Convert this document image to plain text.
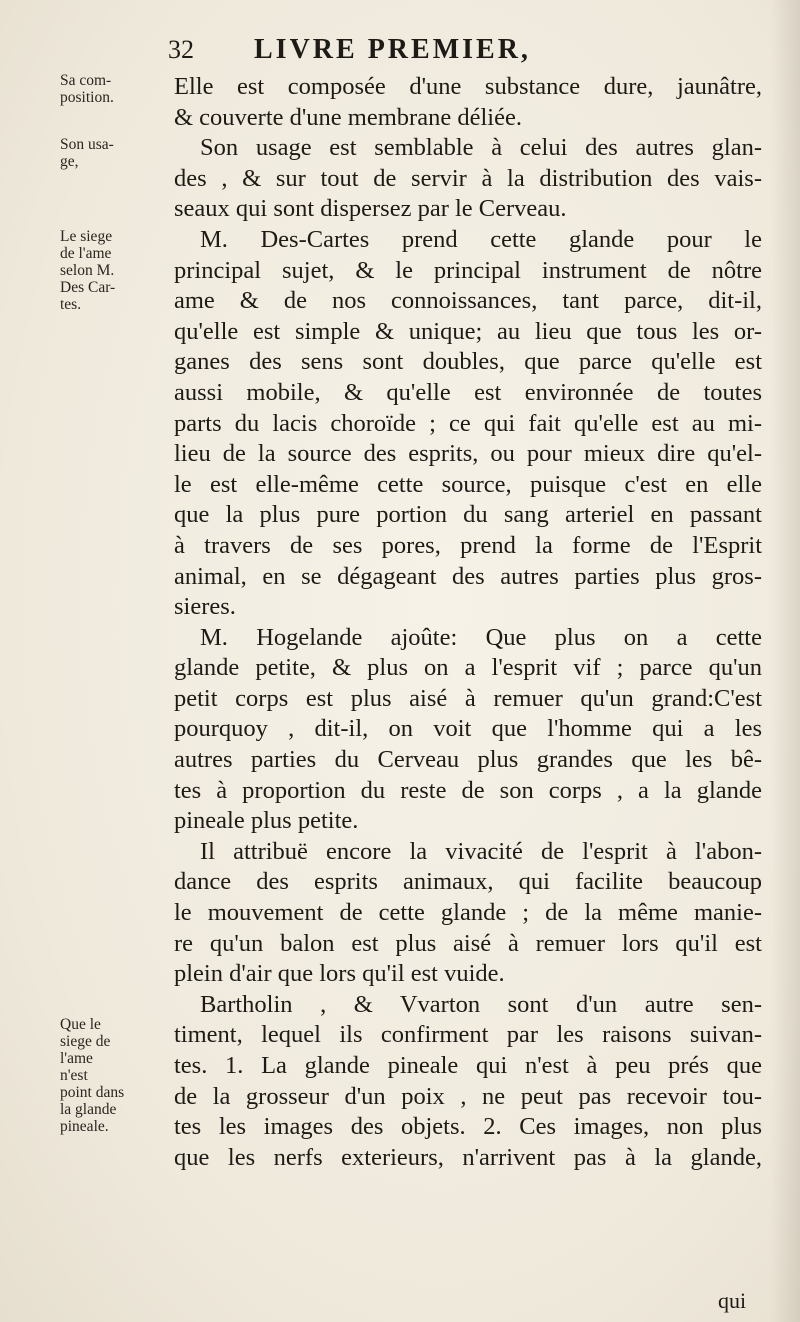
32 LIVRE PREMIER,
Sa com-
position.
Son usa-
ge,
Le siege
de l'ame
selon M.
Des Car-
tes.
Que le
siege de
l'ame
n'est
point dans
la glande
pineale.
Elle est composée d'une substance dure, jaunâtre,
& couverte d'une membrane déliée.
Son usage est semblable à celui des autres glan-
des , & sur tout de servir à la distribution des vais-
seaux qui sont dispersez par le Cerveau.
M. Des-Cartes prend cette glande pour le
principal sujet, & le principal instrument de nôtre
ame & de nos connoissances, tant parce, dit-il,
qu'elle est simple & unique; au lieu que tous les or-
ganes des sens sont doubles, que parce qu'elle est
aussi mobile, & qu'elle est environnée de toutes
parts du lacis choroïde ; ce qui fait qu'elle est au mi-
lieu de la source des esprits, ou pour mieux dire qu'el-
le est elle-même cette source, puisque c'est en elle
que la plus pure portion du sang arteriel en passant
à travers de ses pores, prend la forme de l'Esprit
animal, en se dégageant des autres parties plus gros-
sieres.
M. Hogelande ajoûte: Que plus on a cette
glande petite, & plus on a l'esprit vif ; parce qu'un
petit corps est plus aisé à remuer qu'un grand:C'est
pourquoy , dit-il, on voit que l'homme qui a les
autres parties du Cerveau plus grandes que les bê-
tes à proportion du reste de son corps , a la glande
pineale plus petite.
Il attribuë encore la vivacité de l'esprit à l'abon-
dance des esprits animaux, qui facilite beaucoup
le mouvement de cette glande ; de la même manie-
re qu'un balon est plus aisé à remuer lors qu'il est
plein d'air que lors qu'il est vuide.
Bartholin , & Vvarton sont d'un autre sen-
timent, lequel ils confirment par les raisons suivan-
tes. 1. La glande pineale qui n'est à peu prés que
de la grosseur d'un poix , ne peut pas recevoir tou-
tes les images des objets. 2. Ces images, non plus
que les nerfs exterieurs, n'arrivent pas à la glande,
qui
